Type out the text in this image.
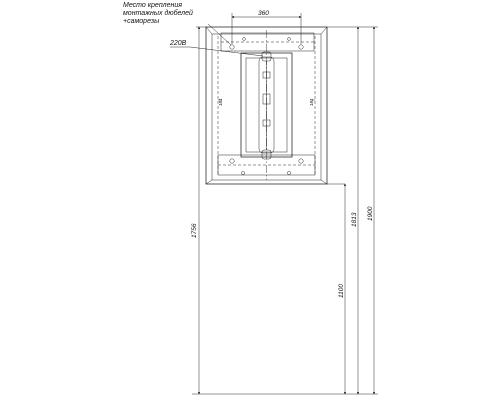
181	181
360
Место крепления
монтажных дюбелей
+саморезы
220В
1756
1100
1813 1900
